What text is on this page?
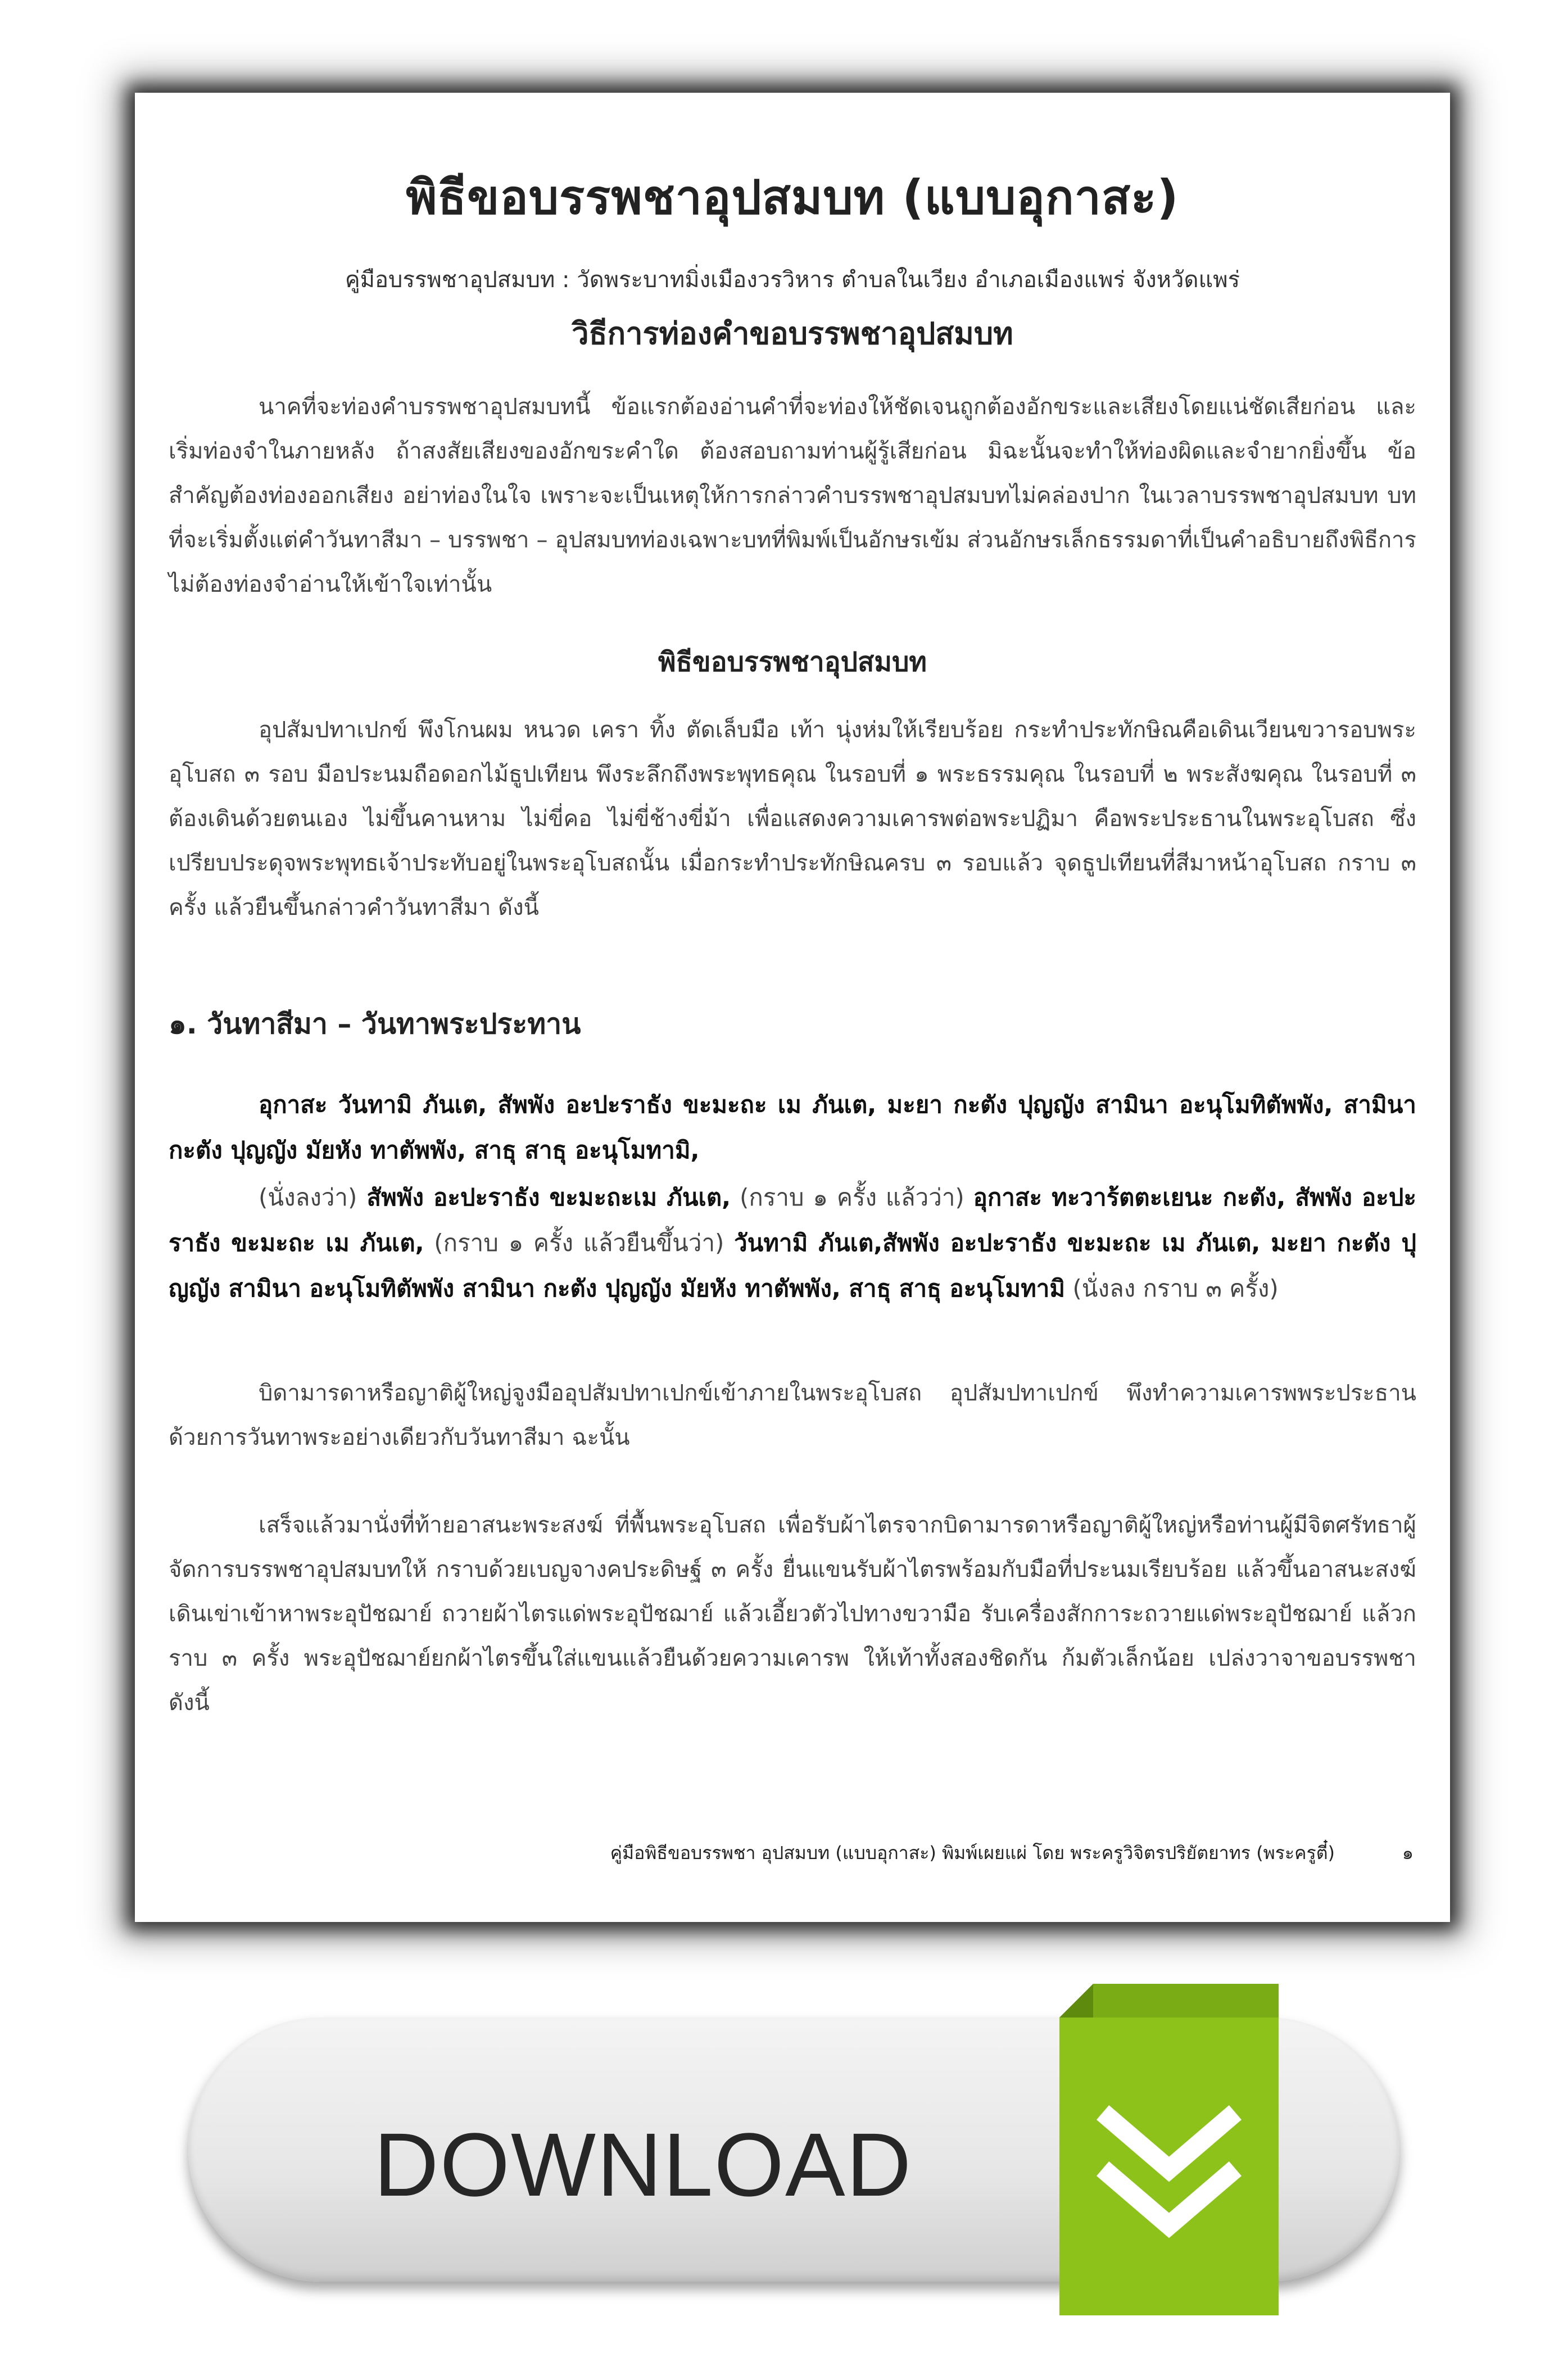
พิธีขอบรรพชาอุปสมบท (แบบอุกาสะ)
คู่มือบรรพชาอุปสมบท : วัดพระบาทมิ่งเมืองวรวิหาร ตำบลในเวียง อำเภอเมืองแพร่ จังหวัดแพร่
วิธีการท่องคำขอบรรพชาอุปสมบท

นาคที่จะท่องคำบรรพชาอุปสมบทนี้ ข้อแรกต้องอ่านคำที่จะท่องให้ชัดเจนถูกต้องอักขระและเสียงโดยแน่ชัดเสียก่อน และเริ่มท่องจำในภายหลัง ถ้าสงสัยเสียงของอักขระคำใด ต้องสอบถามท่านผู้รู้เสียก่อน มิฉะนั้นจะทำให้ท่องผิดและจำยากยิ่งขึ้น ข้อสำคัญต้องท่องออกเสียง อย่าท่องในใจ เพราะจะเป็นเหตุให้การกล่าวคำบรรพชาอุปสมบทไม่คล่องปาก ในเวลาบรรพชาอุปสมบท บทที่จะเริ่มตั้งแต่คำวันทาสีมา – บรรพชา – อุปสมบทท่องเฉพาะบทที่พิมพ์เป็นอักษรเข้ม ส่วนอักษรเล็กธรรมดาที่เป็นคำอธิบายถึงพิธีการไม่ต้องท่องจำอ่านให้เข้าใจเท่านั้น

พิธีขอบรรพชาอุปสมบท

อุปสัมปทาเปกข์ พึงโกนผม หนวด เครา ทิ้ง ตัดเล็บมือ เท้า นุ่งห่มให้เรียบร้อย กระทำประทักษิณคือเดินเวียนขวารอบพระอุโบสถ ๓ รอบ มือประนมถือดอกไม้ธูปเทียน พึงระลึกถึงพระพุทธคุณ ในรอบที่ ๑ พระธรรมคุณ ในรอบที่ ๒ พระสังฆคุณ ในรอบที่ ๓ ต้องเดินด้วยตนเอง ไม่ขึ้นคานหาม ไม่ขี่คอ ไม่ขี่ช้างขี่ม้า เพื่อแสดงความเคารพต่อพระปฏิมา คือพระประธานในพระอุโบสถ ซึ่งเปรียบประดุจพระพุทธเจ้าประทับอยู่ในพระอุโบสถนั้น เมื่อกระทำประทักษิณครบ ๓ รอบแล้ว จุดธูปเทียนที่สีมาหน้าอุโบสถ กราบ ๓ ครั้ง แล้วยืนขึ้นกล่าวคำวันทาสีมา ดังนี้

๑. วันทาสีมา – วันทาพระประทาน

อุกาสะ วันทามิ ภันเต, สัพพัง อะปะราธัง ขะมะถะ เม ภันเต, มะยา กะตัง ปุญญัง สามินา อะนุโมทิตัพพัง, สามินา กะตัง ปุญญัง มัยหัง ทาตัพพัง, สาธุ สาธุ อะนุโมทามิ,

(นั่งลงว่า) สัพพัง อะปะราธัง ขะมะถะเม ภันเต, (กราบ ๑ ครั้ง แล้วว่า) อุกาสะ ทะวาร้ตตะเยนะ กะตัง, สัพพัง อะปะราธัง ขะมะถะ เม ภันเต, (กราบ ๑ ครั้ง แล้วยืนขึ้นว่า) วันทามิ ภันเต,สัพพัง อะปะราธัง ขะมะถะ เม ภันเต, มะยา กะตัง ปุญญัง สามินา อะนุโมทิตัพพัง สามินา กะตัง ปุญญัง มัยหัง ทาตัพพัง, สาธุ สาธุ อะนุโมทามิ (นั่งลง กราบ ๓ ครั้ง)

บิดามารดาหรือญาติผู้ใหญ่จูงมืออุปสัมปทาเปกข์เข้าภายในพระอุโบสถ อุปสัมปทาเปกข์ พึงทำความเคารพพระประธาน ด้วยการวันทาพระอย่างเดียวกับวันทาสีมา ฉะนั้น

เสร็จแล้วมานั่งที่ท้ายอาสนะพระสงฆ์ ที่พื้นพระอุโบสถ เพื่อรับผ้าไตรจากบิดามารดาหรือญาติผู้ใหญ่หรือท่านผู้มีจิตศรัทธาผู้จัดการบรรพชาอุปสมบทให้ กราบด้วยเบญจางคประดิษฐ์ ๓ ครั้ง ยื่นแขนรับผ้าไตรพร้อมกับมือที่ประนมเรียบร้อย แล้วขึ้นอาสนะสงฆ์เดินเข่าเข้าหาพระอุปัชฌาย์ ถวายผ้าไตรแด่พระอุปัชฌาย์ แล้วเอี้ยวตัวไปทางขวามือ รับเครื่องสักการะถวายแด่พระอุปัชฌาย์ แล้วกราบ ๓ ครั้ง พระอุปัชฌาย์ยกผ้าไตรขึ้นใส่แขนแล้วยืนด้วยความเคารพ ให้เท้าทั้งสองชิดกัน ก้มตัวเล็กน้อย เปล่งวาจาขอบรรพชา ดังนี้

คู่มือพิธีขอบรรพชา อุปสมบท (แบบอุกาสะ) พิมพ์เผยแผ่ โดย พระครูวิจิตรปริยัตยาทร (พระครูตี๋)	๑
DOWNLOAD
